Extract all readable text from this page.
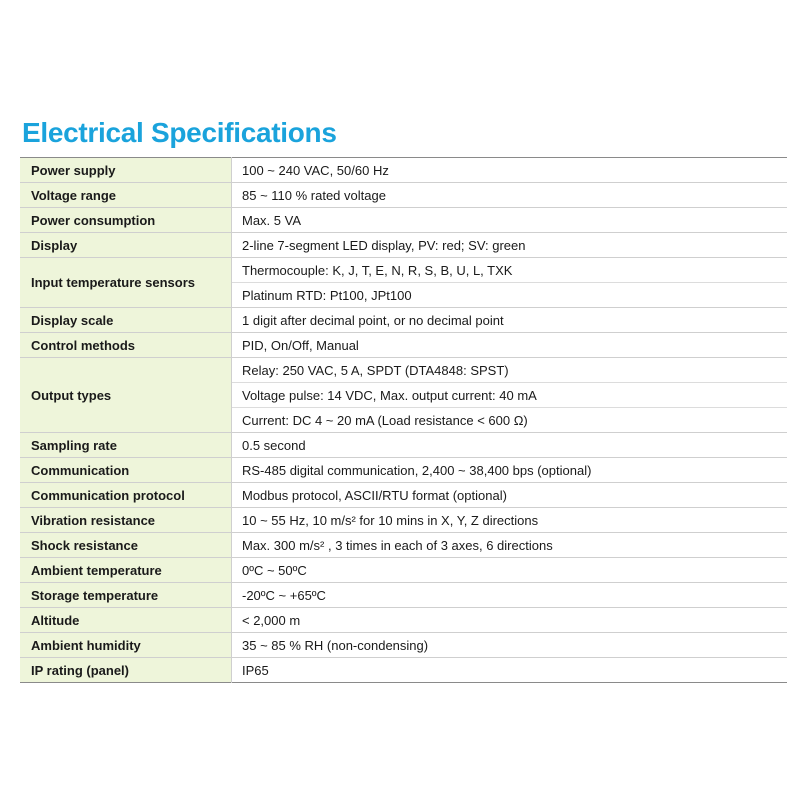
Electrical Specifications
Power supply	100 ~ 240 VAC, 50/60 Hz
Voltage range	85 ~ 110 % rated voltage
Power consumption	Max. 5 VA
Display	2-line 7-segment LED display, PV: red; SV: green
Input temperature sensors	Thermocouple: K, J, T, E, N, R, S, B, U, L, TXK
	Platinum RTD: Pt100, JPt100
Display scale	1 digit after decimal point, or no decimal point
Control methods	PID, On/Off, Manual
Output types	Relay: 250 VAC, 5 A, SPDT (DTA4848: SPST)
	Voltage pulse: 14 VDC, Max. output current: 40 mA
	Current: DC 4 ~ 20 mA (Load resistance < 600 Ω)
Sampling rate	0.5 second
Communication	RS-485 digital communication, 2,400 ~ 38,400 bps (optional)
Communication protocol	Modbus protocol, ASCII/RTU format (optional)
Vibration resistance	10 ~ 55 Hz, 10 m/s² for 10 mins in X, Y, Z directions
Shock resistance	Max. 300 m/s² , 3 times in each of 3 axes, 6 directions
Ambient temperature	0ºC ~ 50ºC
Storage temperature	-20ºC ~ +65ºC
Altitude	< 2,000 m
Ambient humidity	35 ~ 85 % RH (non-condensing)
IP rating (panel)	IP65
